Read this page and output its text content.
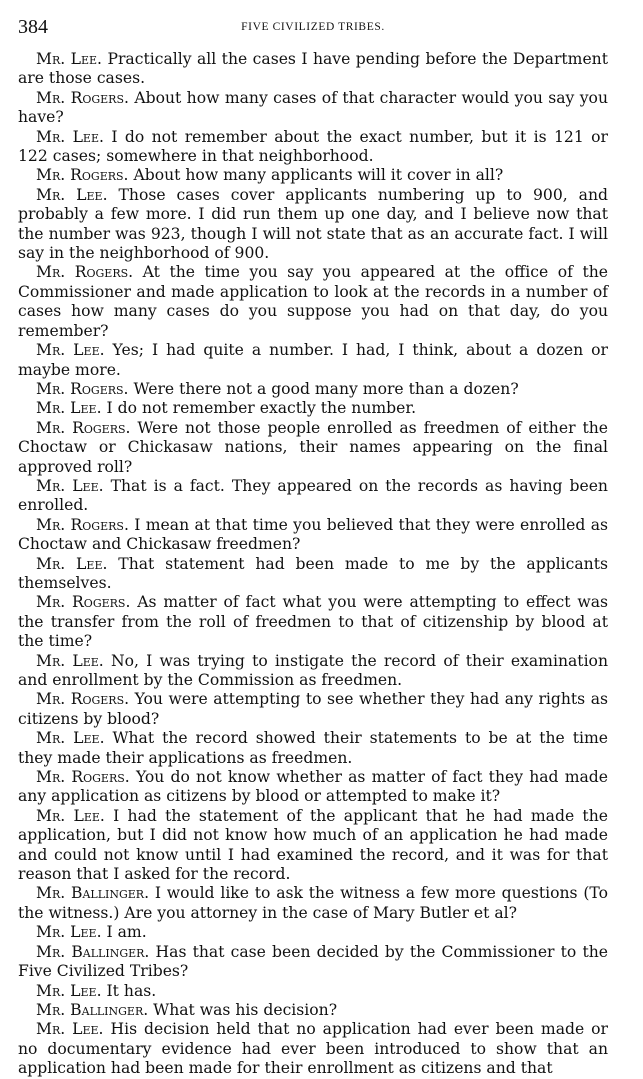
384	FIVE CIVILIZED TRIBES.

Mr. Lee. Practically all the cases I have pending before the Department are those cases.

Mr. Rogers. About how many cases of that character would you say you have?

Mr. Lee. I do not remember about the exact number, but it is 121 or 122 cases; somewhere in that neighborhood.

Mr. Rogers. About how many applicants will it cover in all?

Mr. Lee. Those cases cover applicants numbering up to 900, and probably a few more. I did run them up one day, and I believe now that the number was 923, though I will not state that as an accurate fact. I will say in the neighborhood of 900.

Mr. Rogers. At the time you say you appeared at the office of the Commissioner and made application to look at the records in a number of cases how many cases do you suppose you had on that day, do you remember?

Mr. Lee. Yes; I had quite a number. I had, I think, about a dozen or maybe more.

Mr. Rogers. Were there not a good many more than a dozen?

Mr. Lee. I do not remember exactly the number.

Mr. Rogers. Were not those people enrolled as freedmen of either the Choctaw or Chickasaw nations, their names appearing on the final approved roll?

Mr. Lee. That is a fact. They appeared on the records as having been enrolled.

Mr. Rogers. I mean at that time you believed that they were enrolled as Choctaw and Chickasaw freedmen?

Mr. Lee. That statement had been made to me by the applicants themselves.

Mr. Rogers. As matter of fact what you were attempting to effect was the transfer from the roll of freedmen to that of citizenship by blood at the time?

Mr. Lee. No, I was trying to instigate the record of their examination and enrollment by the Commission as freedmen.

Mr. Rogers. You were attempting to see whether they had any rights as citizens by blood?

Mr. Lee. What the record showed their statements to be at the time they made their applications as freedmen.

Mr. Rogers. You do not know whether as matter of fact they had made any application as citizens by blood or attempted to make it?

Mr. Lee. I had the statement of the applicant that he had made the application, but I did not know how much of an application he had made and could not know until I had examined the record, and it was for that reason that I asked for the record.

Mr. Ballinger. I would like to ask the witness a few more questions (To the witness.) Are you attorney in the case of Mary Butler et al?

Mr. Lee. I am.

Mr. Ballinger. Has that case been decided by the Commissioner to the Five Civilized Tribes?

Mr. Lee. It has.

Mr. Ballinger. What was his decision?

Mr. Lee. His decision held that no application had ever been made or no documentary evidence had ever been introduced to show that an application had been made for their enrollment as citizens and that
